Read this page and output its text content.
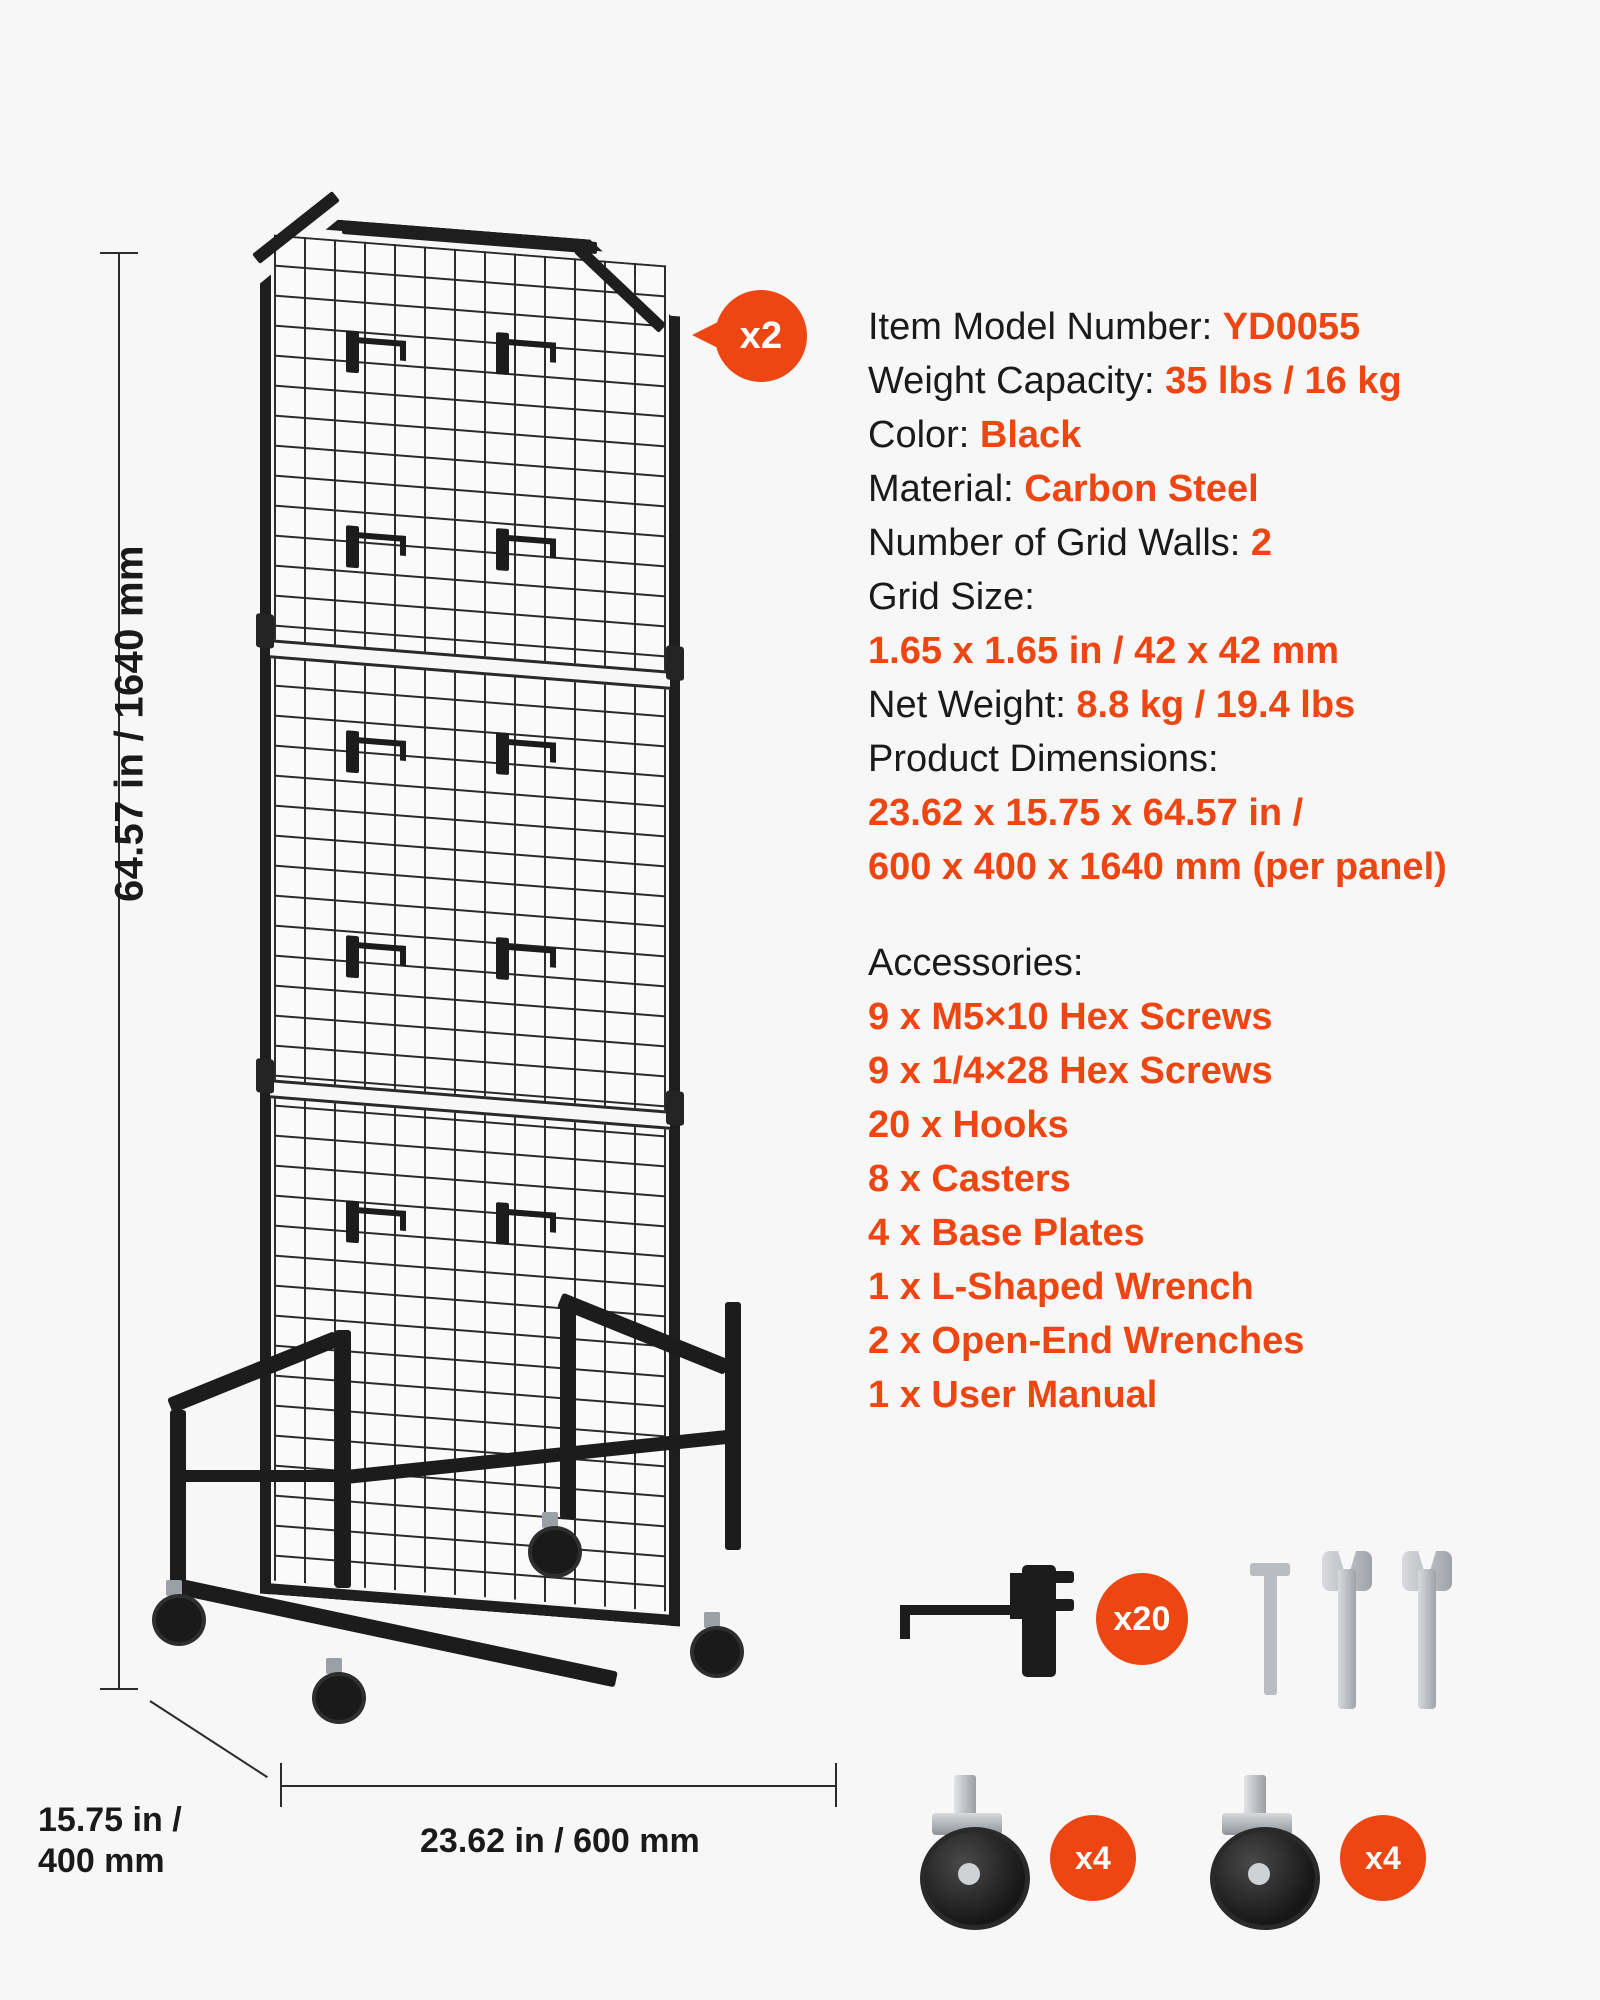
64.57 in / 1640 mm
x2
15.75 in /
400 mm
23.62 in / 600 mm
Item Model Number: YD0055
Weight Capacity: 35 lbs / 16 kg
Color: Black
Material: Carbon Steel
Number of Grid Walls: 2
Grid Size:
1.65 x 1.65 in / 42 x 42 mm
Net Weight: 8.8 kg / 19.4 lbs
Product Dimensions:
23.62 x 15.75 x 64.57 in /
600 x 400 x 1640 mm (per panel)
Accessories:
9 x M5×10 Hex Screws
9 x 1/4×28 Hex Screws
20 x Hooks
8 x Casters
4 x Base Plates
1 x L-Shaped Wrench
2 x Open-End Wrenches
1 x User Manual
x20
x4	x4
